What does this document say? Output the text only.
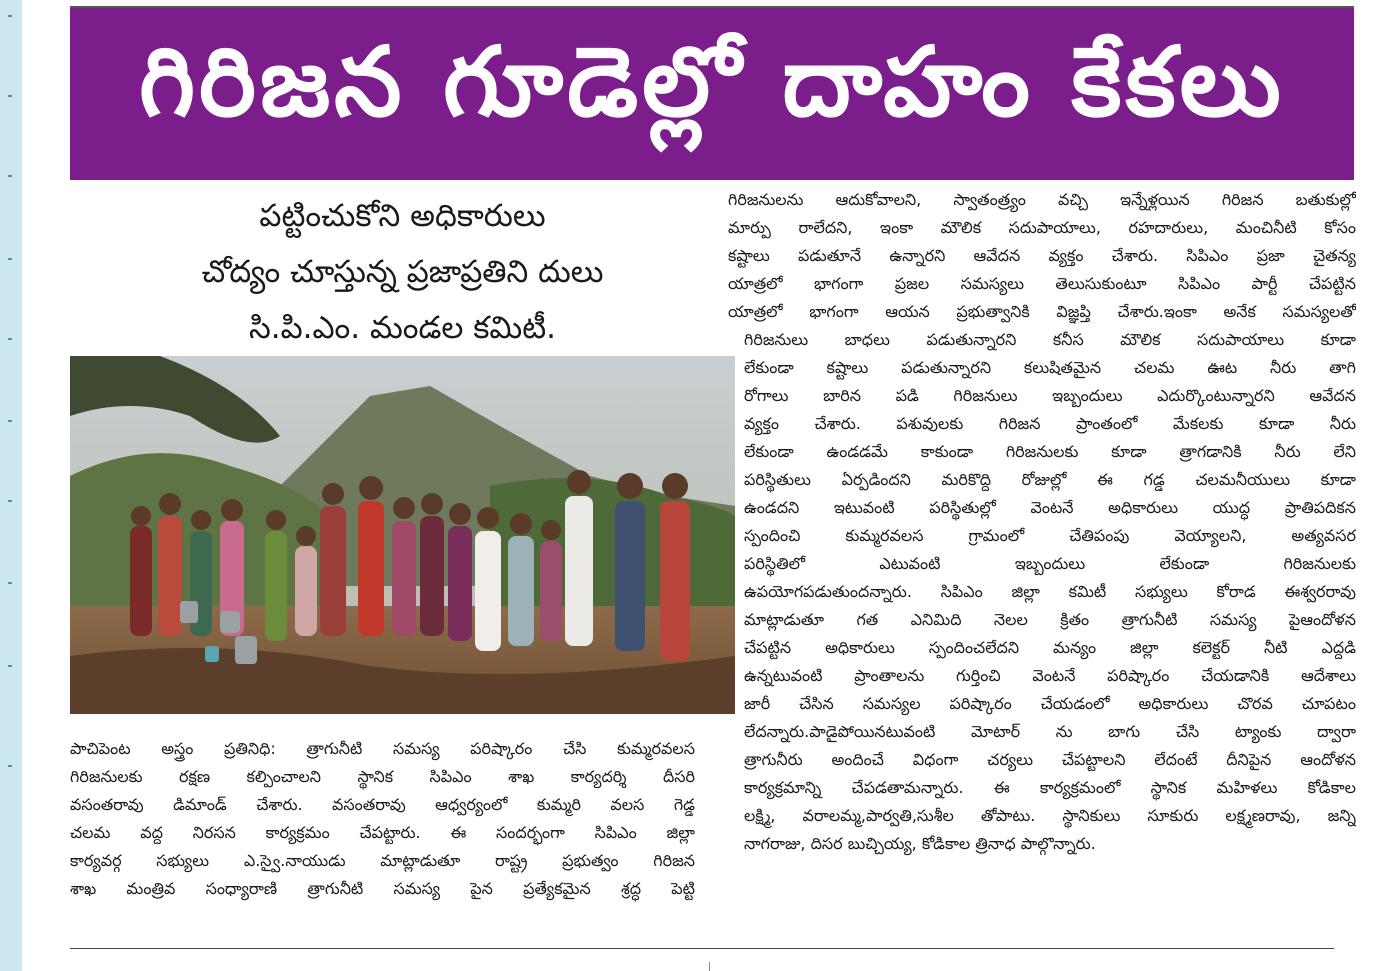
గిరిజన గూడెల్లో దాహం కేకలు
పట్టించుకోని అధికారులు
చోద్యం చూస్తున్న ప్రజాప్రతిని దులు
సి.పి.ఎం. మండల కమిటీ.
పాచిపెంట అస్త్రం ప్రతినిధి: త్రాగునీటి సమస్య పరిష్కారం చేసి కుమ్మరవలస
గిరిజనులకు రక్షణ కల్పించాలని స్థానిక సిపిఎం శాఖ కార్యదర్శి దీసరి
వసంతరావు డిమాండ్ చేశారు. వసంతరావు ఆధ్వర్యంలో కుమ్మరి వలస గెడ్డ
చలమ వద్ద నిరసన కార్యక్రమం చేపట్టారు. ఈ సందర్భంగా సిపిఎం జిల్లా
కార్యవర్గ సభ్యులు ఎ.స్వై.నాయుడు మాట్లాడుతూ రాష్ట్ర ప్రభుత్వం గిరిజన
శాఖ మంత్రివ సంధ్యారాణి త్రాగునీటి సమస్య పైన ప్రత్యేకమైన శ్రద్ధ పెట్టి
గిరిజనులను ఆదుకోవాలని, స్వాతంత్ర్యం వచ్చి ఇన్నేళ్లయిన గిరిజన బతుకుల్లో
మార్పు రాలేదని, ఇంకా మౌలిక సదుపాయాలు, రహదారులు, మంచినీటి కోసం
కష్టాలు పడుతూనే ఉన్నారని ఆవేదన వ్యక్తం చేశారు. సిపిఎం ప్రజా చైతన్య
యాత్రలో భాగంగా ప్రజల సమస్యలు తెలుసుకుంటూ సిపిఎం పార్టీ చేపట్టిన
యాత్రలో భాగంగా ఆయన ప్రభుత్వానికి విజ్ఞప్తి చేశారు.ఇంకా అనేక సమస్యలతో
గిరిజనులు బాధలు పడుతున్నారని కనీస మౌలిక సదుపాయాలు కూడా
లేకుండా కష్టాలు పడుతున్నారని కలుషితమైన చలమ ఊట నీరు తాగి
రోగాలు బారిన పడి గిరిజనులు ఇబ్బందులు ఎదుర్కొంటున్నారని ఆవేదన
వ్యక్తం చేశారు. పశువులకు గిరిజన ప్రాంతంలో మేకలకు కూడా నీరు
లేకుండా ఉండడమే కాకుండా గిరిజనులకు కూడా త్రాగడానికి నీరు లేని
పరిస్థితులు ఏర్పడిందని మరికొద్ది రోజుల్లో ఈ గడ్డ చలమనీయులు కూడా
ఉండదని ఇటువంటి పరిస్థితుల్లో వెంటనే అధికారులు యుద్ధ ప్రాతిపదికన
స్పందించి కుమ్మరవలస గ్రామంలో చేతిపంపు వెయ్యాలని, అత్యవసర
పరిస్థితిలో ఎటువంటి ఇబ్బందులు లేకుండా గిరిజనులకు
ఉపయోగపడుతుందన్నారు. సిపిఎం జిల్లా కమిటీ సభ్యులు కోరాడ ఈశ్వరరావు
మాట్లాడుతూ గత ఎనిమిది నెలల క్రితం త్రాగునీటి సమస్య పైఆందోళన
చేపట్టిన అధికారులు స్పందించలేదని మన్యం జిల్లా కలెక్టర్ నీటి ఎద్దడి
ఉన్నటువంటి ప్రాంతాలను గుర్తించి వెంటనే పరిష్కారం చేయడానికి ఆదేశాలు
జారీ చేసిన సమస్యల పరిష్కారం చేయడంలో అధికారులు చొరవ చూపటం
లేదన్నారు.పాడైపోయినటువంటి మోటార్ ను బాగు చేసి ట్యాంకు ద్వారా
త్రాగునీరు అందించే విధంగా చర్యలు చేపట్టాలని లేదంటే దీనిపైన ఆందోళన
కార్యక్రమాన్ని చేపడతామన్నారు. ఈ కార్యక్రమంలో స్థానిక మహిళలు కోడికాల
లక్ష్మి, వరాలమ్మ,పార్వతి,సుశీల తోపాటు. స్థానికులు సూకురు లక్ష్మణరావు, జన్ని
నాగరాజు, దిసర బుచ్చియ్య, కోడికాల త్రినాధ పాల్గొన్నారు.
